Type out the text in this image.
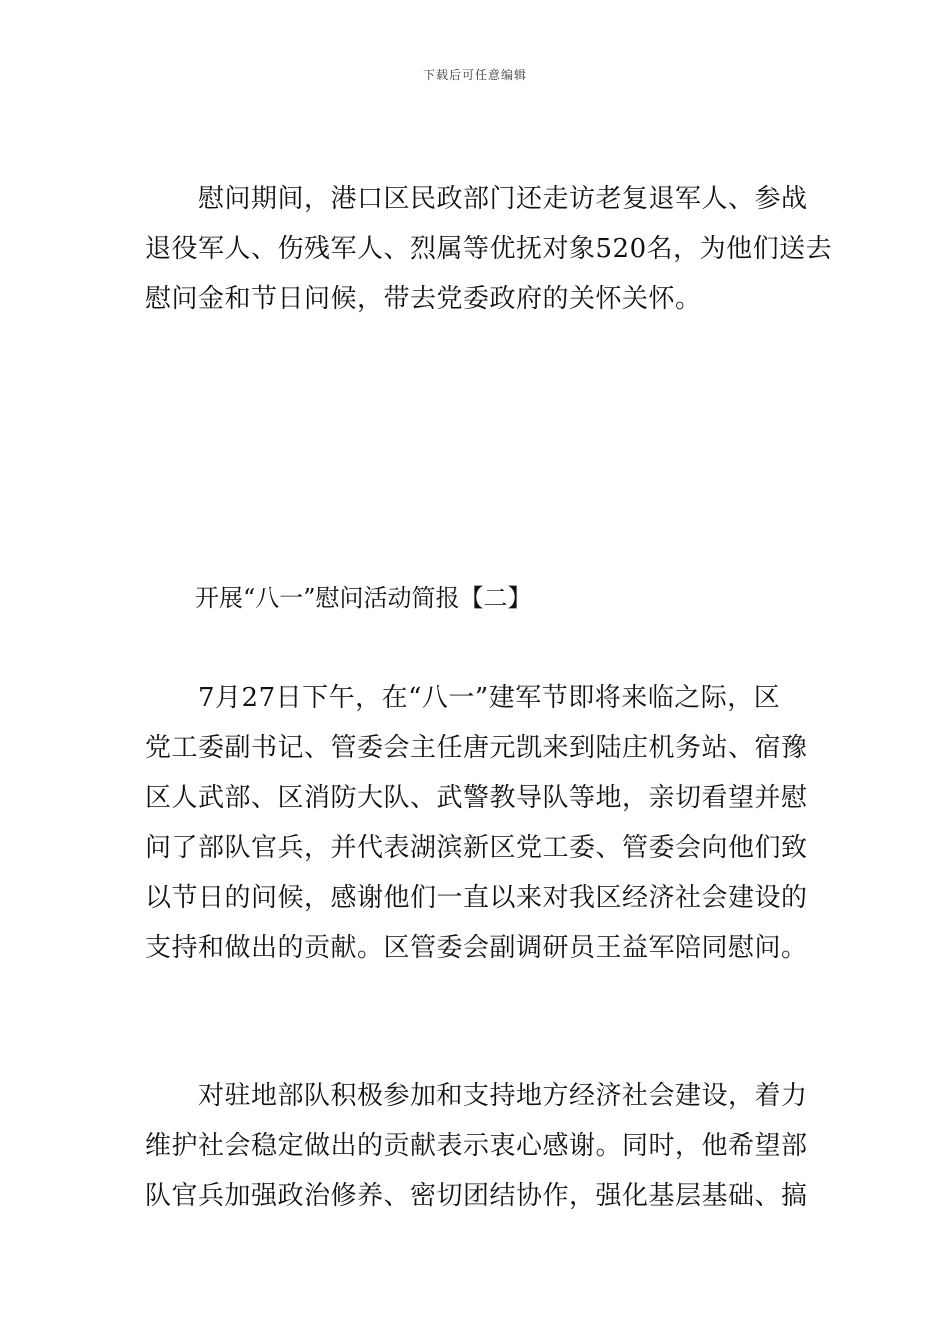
下载后可任意编辑
慰问期间，港口区民政部门还走访老复退军人、参战
退役军人、伤残军人、烈属等优抚对象520名，为他们送去
慰问金和节日问候，带去党委政府的关怀关怀。
开展“八一”慰问活动简报【二】
7月27日下午，在“八一”建军节即将来临之际，区
党工委副书记、管委会主任唐元凯来到陆庄机务站、宿豫
区人武部、区消防大队、武警教导队等地，亲切看望并慰
问了部队官兵，并代表湖滨新区党工委、管委会向他们致
以节日的问候，感谢他们一直以来对我区经济社会建设的
支持和做出的贡献。区管委会副调研员王益军陪同慰问。
对驻地部队积极参加和支持地方经济社会建设，着力
维护社会稳定做出的贡献表示衷心感谢。同时，他希望部
队官兵加强政治修养、密切团结协作，强化基层基础、搞
